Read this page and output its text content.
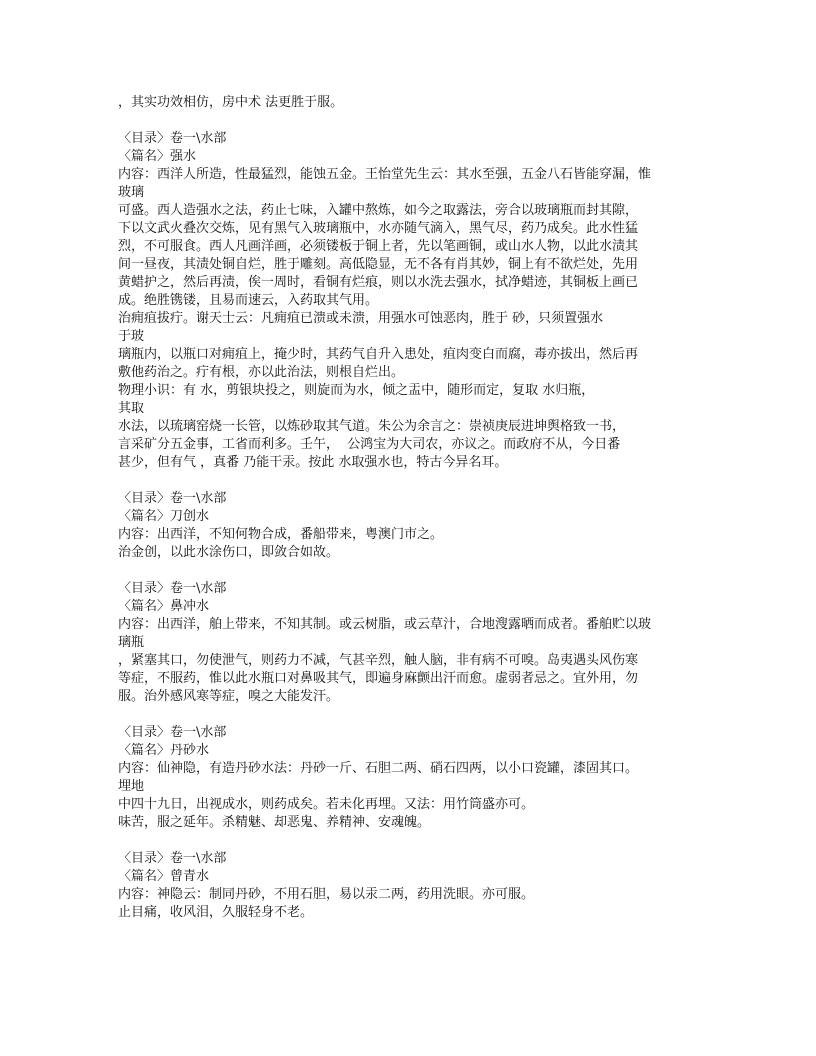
，其实功效相仿，房中术 法更胜于服。
〈目录〉卷一\水部
〈篇名〉强水
内容：西洋人所造，性最猛烈，能蚀五金。王怡堂先生云：其水至强，五金八石皆能穿漏，惟
玻璃
可盛。西人造强水之法，药止七味，入罐中熬炼，如今之取露法，旁合以玻璃瓶而封其隙，
下以文武火叠次交炼，见有黑气入玻璃瓶中，水亦随气滴入，黑气尽，药乃成矣。此水性猛
烈，不可服食。西人凡画洋画，必须镂板于铜上者，先以笔画铜，或山水人物，以此水渍其
间一昼夜，其渍处铜自烂，胜于雕刻。高低隐显，无不各有肖其妙，铜上有不欲烂处，先用
黄蜡护之，然后再渍，俟一周时，看铜有烂痕，则以水洗去强水，拭净蜡迹，其铜板上画已
成。绝胜镌镂，且易而速云，入药取其气用。
治痈疽拔疔。谢天士云：凡痈疽已溃或未溃，用强水可蚀恶肉，胜于 砂，只须置强水
于玻
璃瓶内，以瓶口对痈疽上，掩少时，其药气自升入患处，疽肉变白而腐，毒亦拔出，然后再
敷他药治之。疔有根，亦以此治法，则根自烂出。
物理小识：有 水，剪银块投之，则旋而为水，倾之盂中，随形而定，复取 水归瓶，
其取
水法，以琉璃窑烧一长管，以炼砂取其气道。朱公为余言之：崇祯庚辰进坤舆格致一书，
言采矿分五金事，工省而利多。壬午，  公鸿宝为大司农，亦议之。而政府不从，今日番
甚少，但有气 ，真番 乃能干汞。按此 水取强水也，特古今异名耳。
〈目录〉卷一\水部
〈篇名〉刀创水
内容：出西洋，不知何物合成，番船带来，粤澳门市之。
治金创，以此水涂伤口，即敛合如故。
〈目录〉卷一\水部
〈篇名〉鼻冲水
内容：出西洋，舶上带来，不知其制。或云树脂，或云草汁，合地溲露晒而成者。番舶贮以玻
璃瓶
，紧塞其口，勿使泄气，则药力不减，气甚辛烈，触人脑，非有病不可嗅。岛夷遇头风伤寒
等症，不服药，惟以此水瓶口对鼻吸其气，即遍身麻颤出汗而愈。虚弱者忌之。宜外用，勿
服。治外感风寒等症，嗅之大能发汗。
〈目录〉卷一\水部
〈篇名〉丹砂水
内容：仙神隐，有造丹砂水法：丹砂一斤、石胆二两、硝石四两，以小口瓷罐，漆固其口。
埋地
中四十九日，出视成水，则药成矣。若未化再埋。又法：用竹筒盛亦可。
味苦，服之延年。杀精魅、却恶鬼、养精神、安魂魄。
〈目录〉卷一\水部
〈篇名〉曾青水
内容：神隐云：制同丹砂，不用石胆，易以汞二两，药用洗眼。亦可服。
止目痛，收风泪，久服轻身不老。
